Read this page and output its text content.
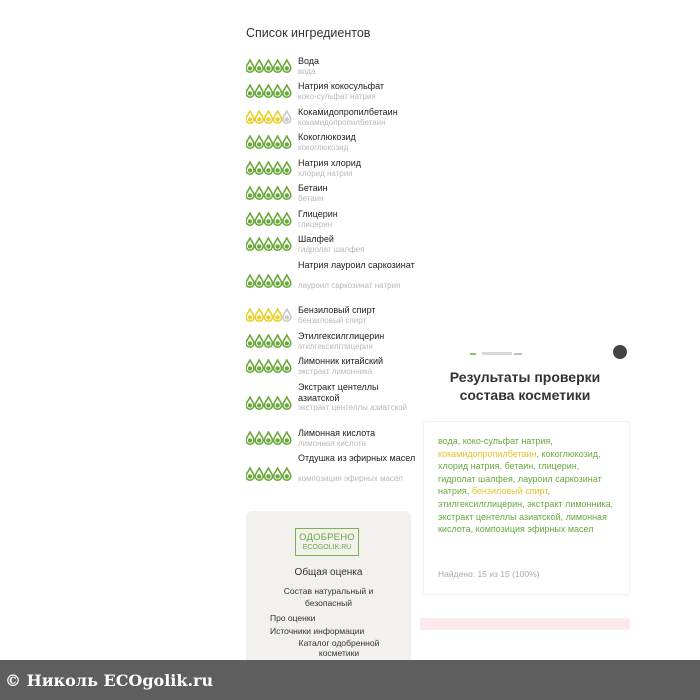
Список ингредиентов
Вода
вода
Натрия кокосульфат
коко-сульфат натрия
Кокамидопропилбетаин
кокамидопропилбетаин
Кокоглюкозид
кокоглюкозид
Натрия хлорид
хлорид натрия
Бетаин
бетаин
Глицерин
глицерин
Шалфей
гидролат шалфея
Натрия лауроил саркозинат
лауроил саркозинат натрия
Бензиловый спирт
бензиловый спирт
Этилгексилглицерин
этилгексилглицерин
Лимонник китайский
экстракт лимонника
Экстракт центеллы азиатской
экстракт центеллы азиатской
Лимонная кислота
лимонная кислота
Отдушка из эфирных масел
композиция эфирных масел
ОДОБРЕНО
ECOGOLIK.RU
Общая оценка
Состав натуральный и безопасный
Про оценки
Источники информации
Каталог одобренной косметики
Результаты проверки состава косметики
вода, коко-сульфат натрия, кокамидопропилбетаин, кокоглюкозид, хлорид натрия, бетаин, глицерин, гидролат шалфея, лауроил саркозинат натрия, бензиловый спирт, этилгексилглицерин, экстракт лимонника, экстракт центеллы азиатской, лимонная кислота, композиция эфирных масел
Найдено: 15 из 15 (100%)
© Николь ECOgolik.ru
